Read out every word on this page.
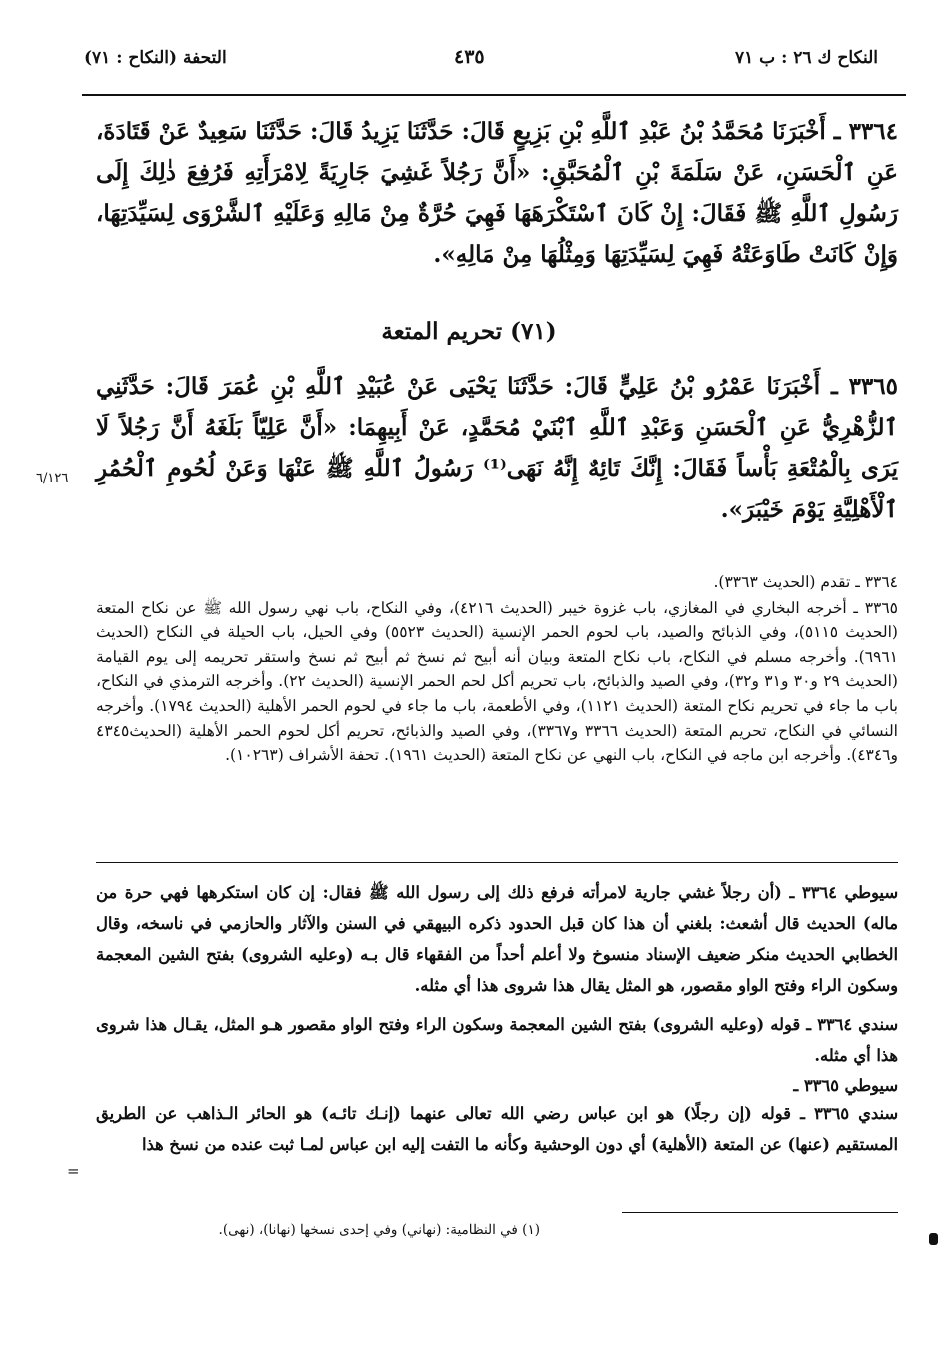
النكاح ك ٢٦ : ب ٧١
٤٣٥
التحفة (النكاح : ٧١)

٣٣٦٤ ـ أَخْبَرَنَا مُحَمَّدُ بْنُ عَبْدِ ٱللَّهِ بْنِ بَزِيعٍ قَالَ: حَدَّثَنَا يَزِيدُ قَالَ: حَدَّثَنَا سَعِيدٌ عَنْ قَتَادَةَ، عَنِ ٱلْحَسَنِ، عَنْ سَلَمَةَ بْنِ ٱلْمُحَبَّقِ: «أَنَّ رَجُلاً غَشِيَ جَارِيَةً لِامْرَأَتِهِ فَرُفِعَ ذٰلِكَ إِلَى رَسُولِ ٱللَّهِ ﷺ فَقَالَ: إِنْ كَانَ ٱسْتَكْرَهَهَا فَهِيَ حُرَّةٌ مِنْ مَالِهِ وَعَلَيْهِ ٱلشَّرْوَى لِسَيِّدَتِهَا، وَإِنْ كَانَتْ طَاوَعَتْهُ فَهِيَ لِسَيِّدَتِهَا وَمِثْلُهَا مِنْ مَالِهِ».

(٧١) تحريم المتعة

٣٣٦٥ ـ أَخْبَرَنَا عَمْرُو بْنُ عَلِيٍّ قَالَ: حَدَّثَنَا يَحْيَى عَنْ عُبَيْدِ ٱللَّهِ بْنِ عُمَرَ قَالَ: حَدَّثَنِي ٱلزُّهْرِيُّ عَنِ ٱلْحَسَنِ وَعَبْدِ ٱللَّهِ ٱبْنَيْ مُحَمَّدٍ، عَنْ أَبِيهِمَا: «أَنَّ عَلِيّاً بَلَغَهُ أَنَّ رَجُلاً لَا يَرَى بِالْمُتْعَةِ بَأْساً فَقَالَ: إِنَّكَ تَائِهٌ إِنَّهُ نَهَى⁽¹⁾ رَسُولُ ٱللَّهِ ﷺ عَنْهَا وَعَنْ لُحُومِ ٱلْحُمُرِ ٱلْأَهْلِيَّةِ يَوْمَ خَيْبَرَ».

٦/١٢٦

٣٣٦٤ ـ تقدم (الحديث ٣٣٦٣).

٣٣٦٥ ـ أخرجه البخاري في المغازي، باب غزوة خيبر (الحديث ٤٢١٦)، وفي النكاح، باب نهي رسول الله ﷺ عن نكاح المتعة (الحديث ٥١١٥)، وفي الذبائح والصيد، باب لحوم الحمر الإنسية (الحديث ٥٥٢٣) وفي الحيل، باب الحيلة في النكاح (الحديث ٦٩٦١). وأخرجه مسلم في النكاح، باب نكاح المتعة وبيان أنه أبيح ثم نسخ ثم أبيح ثم نسخ واستقر تحريمه إلى يوم القيامة (الحديث ٢٩ و٣٠ و٣١ و٣٢)، وفي الصيد والذبائح، باب تحريم أكل لحم الحمر الإنسية (الحديث ٢٢). وأخرجه الترمذي في النكاح، باب ما جاء في تحريم نكاح المتعة (الحديث ١١٢١)، وفي الأطعمة، باب ما جاء في لحوم الحمر الأهلية (الحديث ١٧٩٤). وأخرجه النسائي في النكاح، تحريم المتعة (الحديث ٣٣٦٦ و٣٣٦٧)، وفي الصيد والذبائح، تحريم أكل لحوم الحمر الأهلية (الحديث٤٣٤٥ و٤٣٤٦). وأخرجه ابن ماجه في النكاح، باب النهي عن نكاح المتعة (الحديث ١٩٦١). تحفة الأشراف (١٠٢٦٣).

سيوطي ٣٣٦٤ ـ (أن رجلاً غشي جارية لامرأته فرفع ذلك إلى رسول الله ﷺ فقال: إن كان استكرهها فهي حرة من ماله) الحديث قال أشعث: بلغني أن هذا كان قبل الحدود ذكره البيهقي في السنن والآثار والحازمي في ناسخه، وقال الخطابي الحديث منكر ضعيف الإسناد منسوخ ولا أعلم أحداً من الفقهاء قال بـه (وعليه الشروى) بفتح الشين المعجمة وسكون الراء وفتح الواو مقصور، هو المثل يقال هذا شروى هذا أي مثله.

سندي ٣٣٦٤ ـ قوله (وعليه الشروى) بفتح الشين المعجمة وسكون الراء وفتح الواو مقصور هـو المثل، يقـال هذا شروى هذا أي مثله.

سيوطي ٣٣٦٥ ـ

سندي ٣٣٦٥ ـ قوله (إن رجلًا) هو ابن عباس رضي الله تعالى عنهما (إنـك تائـه) هو الحائر الـذاهب عن الطريق المستقيم (عنها) عن المتعة (الأهلية) أي دون الوحشية وكأنه ما التفت إليه ابن عباس لمـا ثبت عنده من نسخ هذا

=
(١) في النظامية: (نهاني) وفي إحدى نسخها (نهانا)، (نهى).
